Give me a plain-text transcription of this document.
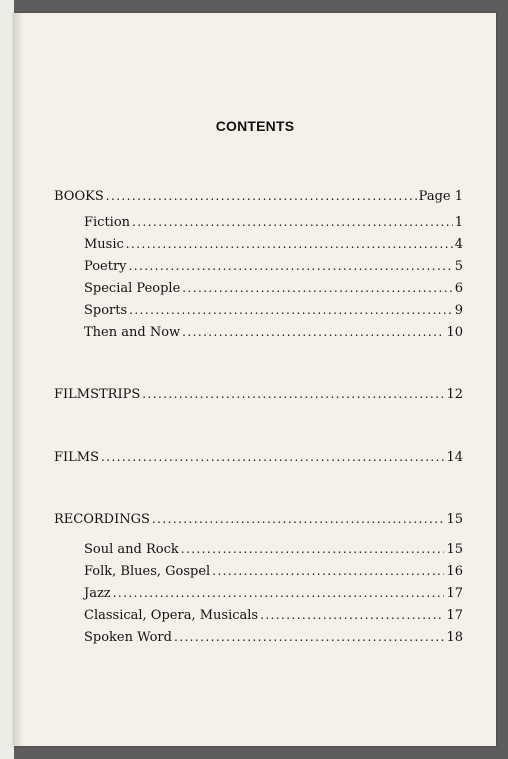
CONTENTS
BOOKS . . .	Page 1
Fiction . . .	1
Music . . .	4
Poetry . . .	5
Special People . . .	6
Sports . . .	9
Then and Now . . .	10
FILMSTRIPS . . .	12
FILMS . . .	14
RECORDINGS . . .	15
Soul and Rock . . .	15
Folk, Blues, Gospel . . .	16
Jazz . . .	17
Classical, Opera, Musicals . . .	17
Spoken Word . . .	18
